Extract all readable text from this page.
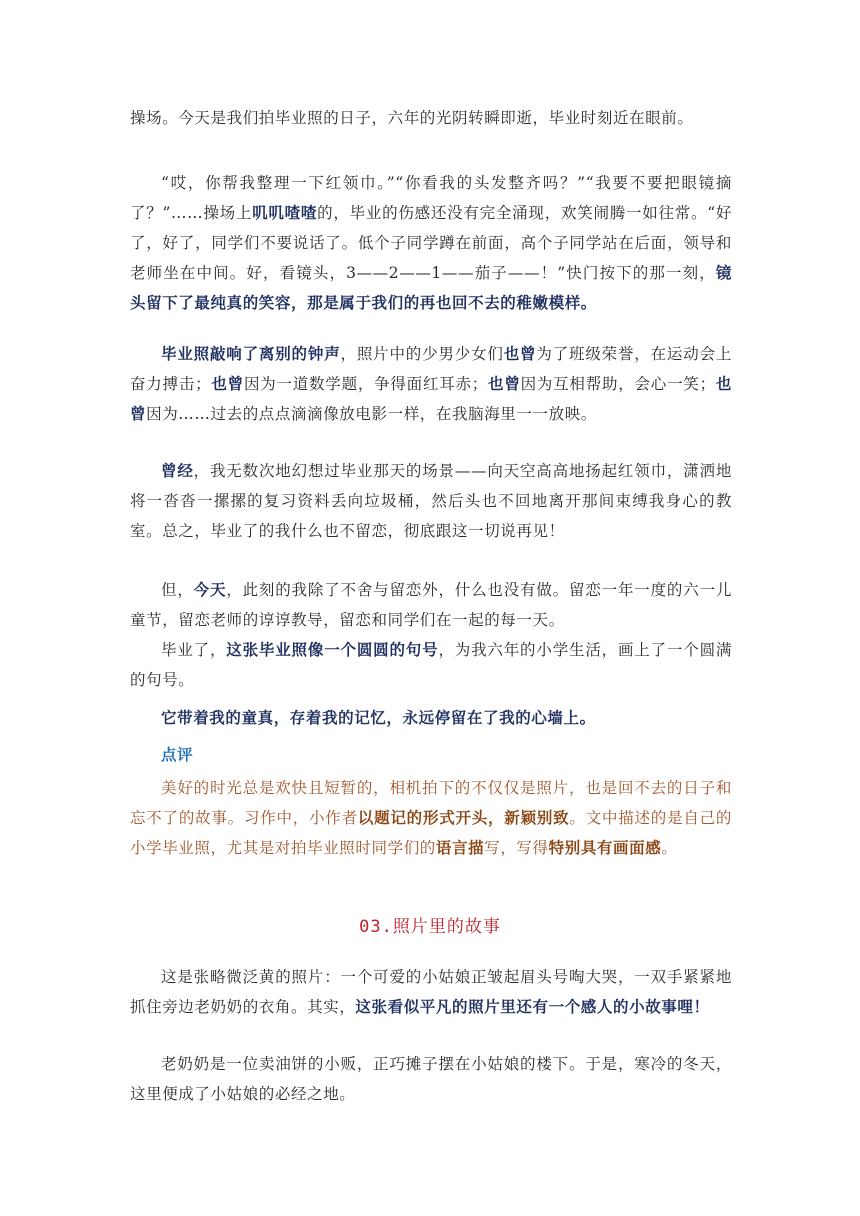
操场。今天是我们拍毕业照的日子，六年的光阴转瞬即逝，毕业时刻近在眼前。

“哎，你帮我整理一下红领巾。”“你看我的头发整齐吗？”“我要不要把眼镜摘了？”……操场上叽叽喳喳的，毕业的伤感还没有完全涌现，欢笑闹腾一如往常。“好了，好了，同学们不要说话了。低个子同学蹲在前面，高个子同学站在后面，领导和老师坐在中间。好，看镜头，3——2——1——茄子——！”快门按下的那一刻，镜头留下了最纯真的笑容，那是属于我们的再也回不去的稚嫩模样。

毕业照敲响了离别的钟声，照片中的少男少女们也曾为了班级荣誉，在运动会上奋力搏击；也曾因为一道数学题，争得面红耳赤；也曾因为互相帮助，会心一笑；也曾因为……过去的点点滴滴像放电影一样，在我脑海里一一放映。

曾经，我无数次地幻想过毕业那天的场景——向天空高高地扬起红领巾，潇洒地将一沓沓一摞摞的复习资料丢向垃圾桶，然后头也不回地离开那间束缚我身心的教室。总之，毕业了的我什么也不留恋，彻底跟这一切说再见！

但，今天，此刻的我除了不舍与留恋外，什么也没有做。留恋一年一度的六一儿童节，留恋老师的谆谆教导，留恋和同学们在一起的每一天。

毕业了，这张毕业照像一个圆圆的句号，为我六年的小学生活，画上了一个圆满的句号。

它带着我的童真，存着我的记忆，永远停留在了我的心墙上。

点评

美好的时光总是欢快且短暂的，相机拍下的不仅仅是照片，也是回不去的日子和忘不了的故事。习作中，小作者以题记的形式开头，新颖别致。文中描述的是自己的小学毕业照，尤其是对拍毕业照时同学们的语言描写，写得特别具有画面感。

03.照片里的故事

这是张略微泛黄的照片：一个可爱的小姑娘正皱起眉头号啕大哭，一双手紧紧地抓住旁边老奶奶的衣角。其实，这张看似平凡的照片里还有一个感人的小故事哩！

老奶奶是一位卖油饼的小贩，正巧摊子摆在小姑娘的楼下。于是，寒冷的冬天，这里便成了小姑娘的必经之地。
